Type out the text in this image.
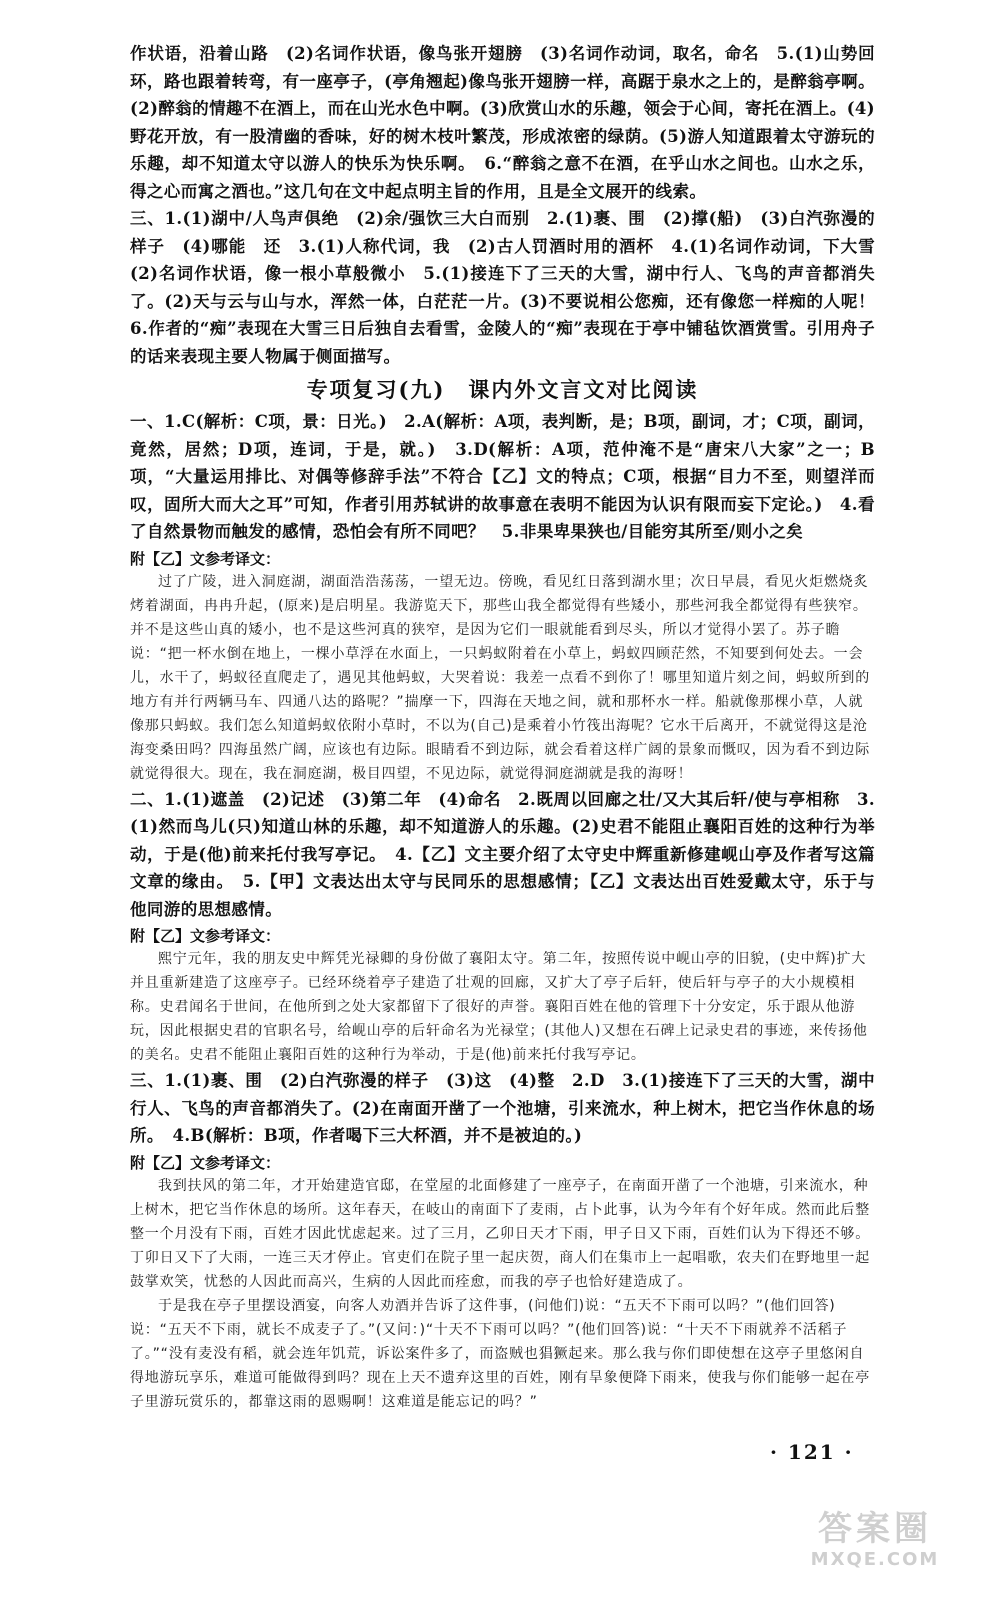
作状语，沿着山路　(2)名词作状语，像鸟张开翅膀　(3)名词作动词，取名，命名　5.(1)山势回环，路也跟着转弯，有一座亭子，(亭角翘起)像鸟张开翅膀一样，高踞于泉水之上的，是醉翁亭啊。(2)醉翁的情趣不在酒上，而在山光水色中啊。(3)欣赏山水的乐趣，领会于心间，寄托在酒上。(4)野花开放，有一股清幽的香味，好的树木枝叶繁茂，形成浓密的绿荫。(5)游人知道跟着太守游玩的乐趣，却不知道太守以游人的快乐为快乐啊。　6.“醉翁之意不在酒，在乎山水之间也。山水之乐，得之心而寓之酒也。”这几句在文中起点明主旨的作用，且是全文展开的线索。

三、1.(1)湖中/人鸟声俱绝　(2)余/强饮三大白而别　2.(1)裹、围　(2)撑(船)　(3)白汽弥漫的样子　(4)哪能　还　3.(1)人称代词，我　(2)古人罚酒时用的酒杯　4.(1)名词作动词，下大雪　(2)名词作状语，像一根小草般微小　5.(1)接连下了三天的大雪，湖中行人、飞鸟的声音都消失了。(2)天与云与山与水，浑然一体，白茫茫一片。(3)不要说相公您痴，还有像您一样痴的人呢！　6.作者的“痴”表现在大雪三日后独自去看雪，金陵人的“痴”表现在于亭中铺毡饮酒赏雪。引用舟子的话来表现主要人物属于侧面描写。

专项复习(九)　课内外文言文对比阅读

一、1.C(解析：C项，景：日光。)　2.A(解析：A项，表判断，是；B项，副词，才；C项，副词，竟然，居然；D项，连词，于是，就。)　3.D(解析：A项，范仲淹不是“唐宋八大家”之一；B项，“大量运用排比、对偶等修辞手法”不符合【乙】文的特点；C项，根据“目力不至，则望洋而叹，固所大而大之耳”可知，作者引用苏轼讲的故事意在表明不能因为认识有限而妄下定论。)　4.看了自然景物而触发的感情，恐怕会有所不同吧？　5.非果卑果狭也/目能穷其所至/则小之矣

附【乙】文参考译文：

过了广陵，进入洞庭湖，湖面浩浩荡荡，一望无边。傍晚，看见红日落到湖水里；次日早晨，看见火炬燃烧炙烤着湖面，冉冉升起，(原来)是启明星。我游览天下，那些山我全都觉得有些矮小，那些河我全都觉得有些狭窄。并不是这些山真的矮小，也不是这些河真的狭窄，是因为它们一眼就能看到尽头，所以才觉得小罢了。苏子瞻说：“把一杯水倒在地上，一棵小草浮在水面上，一只蚂蚁附着在小草上，蚂蚁四顾茫然，不知要到何处去。一会儿，水干了，蚂蚁径直爬走了，遇见其他蚂蚁，大哭着说：我差一点看不到你了！哪里知道片刻之间，蚂蚁所到的地方有并行两辆马车、四通八达的路呢？”揣摩一下，四海在天地之间，就和那杯水一样。船就像那棵小草，人就像那只蚂蚁。我们怎么知道蚂蚁依附小草时，不以为(自己)是乘着小竹筏出海呢？它水干后离开，不就觉得这是沧海变桑田吗？四海虽然广阔，应该也有边际。眼睛看不到边际，就会看着这样广阔的景象而慨叹，因为看不到边际就觉得很大。现在，我在洞庭湖，极目四望，不见边际，就觉得洞庭湖就是我的海呀！

二、1.(1)遮盖　(2)记述　(3)第二年　(4)命名　2.既周以回廊之壮/又大其后轩/使与亭相称　3.(1)然而鸟儿(只)知道山林的乐趣，却不知道游人的乐趣。(2)史君不能阻止襄阳百姓的这种行为举动，于是(他)前来托付我写亭记。　4.【乙】文主要介绍了太守史中辉重新修建岘山亭及作者写这篇文章的缘由。　5.【甲】文表达出太守与民同乐的思想感情；【乙】文表达出百姓爱戴太守，乐于与他同游的思想感情。

附【乙】文参考译文：

熙宁元年，我的朋友史中辉凭光禄卿的身份做了襄阳太守。第二年，按照传说中岘山亭的旧貌，(史中辉)扩大并且重新建造了这座亭子。已经环绕着亭子建造了壮观的回廊，又扩大了亭子后轩，使后轩与亭子的大小规模相称。史君闻名于世间，在他所到之处大家都留下了很好的声誉。襄阳百姓在他的管理下十分安定，乐于跟从他游玩，因此根据史君的官职名号，给岘山亭的后轩命名为光禄堂；(其他人)又想在石碑上记录史君的事迹，来传扬他的美名。史君不能阻止襄阳百姓的这种行为举动，于是(他)前来托付我写亭记。

三、1.(1)裹、围　(2)白汽弥漫的样子　(3)这　(4)整　2.D　3.(1)接连下了三天的大雪，湖中行人、飞鸟的声音都消失了。(2)在南面开凿了一个池塘，引来流水，种上树木，把它当作休息的场所。　4.B(解析：B项，作者喝下三大杯酒，并不是被迫的。)

附【乙】文参考译文：

我到扶风的第二年，才开始建造官邸，在堂屋的北面修建了一座亭子，在南面开凿了一个池塘，引来流水，种上树木，把它当作休息的场所。这年春天，在岐山的南面下了麦雨，占卜此事，认为今年有个好年成。然而此后整整一个月没有下雨，百姓才因此忧虑起来。过了三月，乙卯日天才下雨，甲子日又下雨，百姓们认为下得还不够。丁卯日又下了大雨，一连三天才停止。官吏们在院子里一起庆贺，商人们在集市上一起唱歌，农夫们在野地里一起鼓掌欢笑，忧愁的人因此而高兴，生病的人因此而痊愈，而我的亭子也恰好建造成了。

于是我在亭子里摆设酒宴，向客人劝酒并告诉了这件事，(问他们)说：“五天不下雨可以吗？”(他们回答)说：“五天不下雨，就长不成麦子了。”(又问：)“十天不下雨可以吗？”(他们回答)说：“十天不下雨就养不活稻子了。”“没有麦没有稻，就会连年饥荒，诉讼案件多了，而盗贼也猖獗起来。那么我与你们即使想在这亭子里悠闲自得地游玩享乐，难道可能做得到吗？现在上天不遗弃这里的百姓，刚有旱象便降下雨来，使我与你们能够一起在亭子里游玩赏乐的，都靠这雨的恩赐啊！这难道是能忘记的吗？”

· 121 ·
答案圈
MXQE.COM
